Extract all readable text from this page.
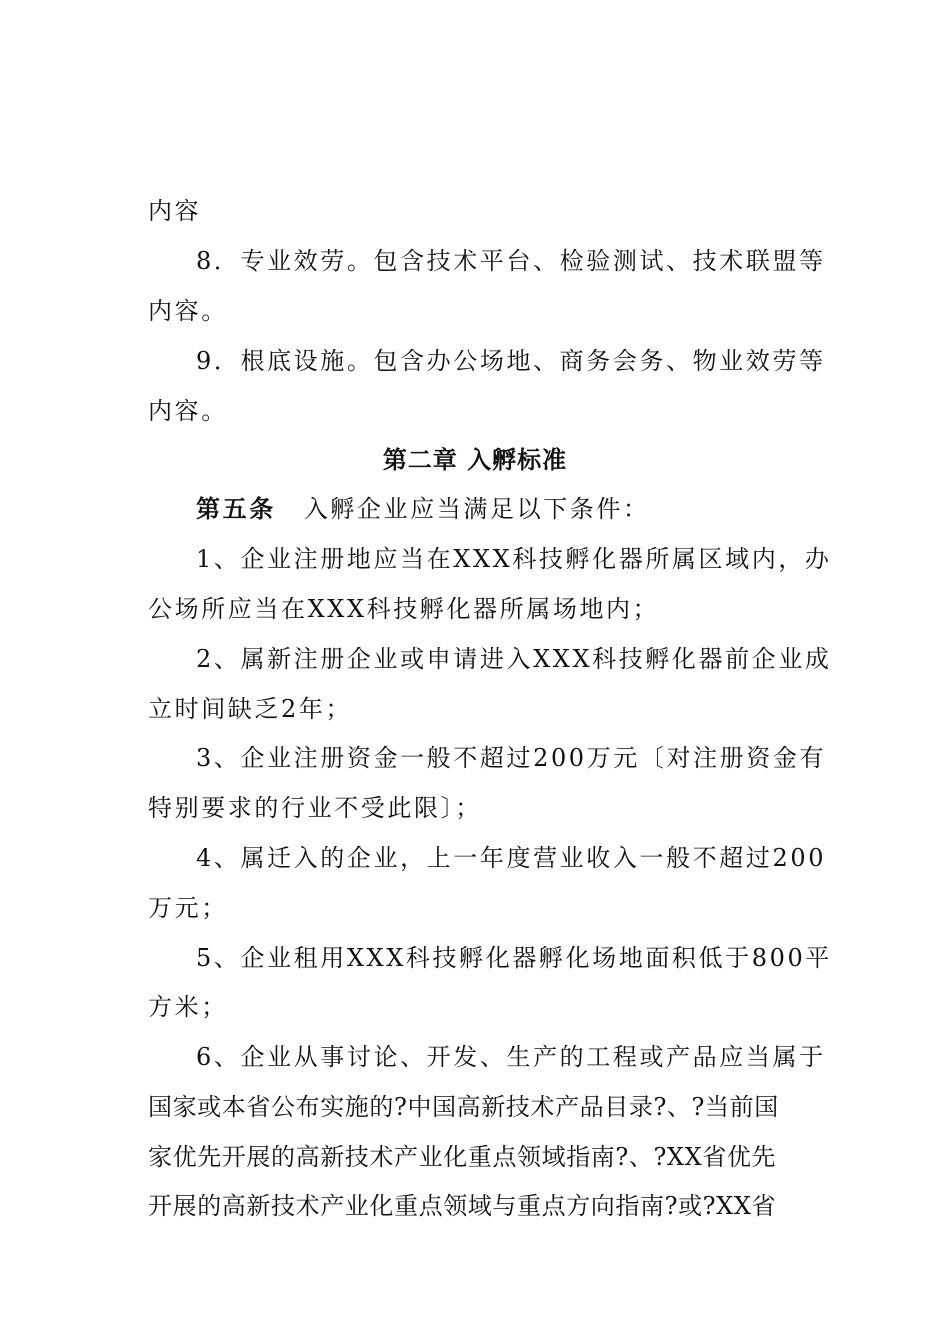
内容
8．专业效劳。包含技术平台、检验测试、技术联盟等
内容。
9．根底设施。包含办公场地、商务会务、物业效劳等
内容。
第二章 入孵标准
第五条 入孵企业应当满足以下条件：
1、企业注册地应当在XXX科技孵化器所属区域内，办
公场所应当在XXX科技孵化器所属场地内；
2、属新注册企业或申请进入XXX科技孵化器前企业成
立时间缺乏2年；
3、企业注册资金一般不超过200万元〔对注册资金有
特别要求的行业不受此限〕；
4、属迁入的企业，上一年度营业收入一般不超过200
万元；
5、企业租用XXX科技孵化器孵化场地面积低于800平
方米；
6、企业从事讨论、开发、生产的工程或产品应当属于
国家或本省公布实施的?中国高新技术产品目录?、?当前国
家优先开展的高新技术产业化重点领域指南?、?XX省优先
开展的高新技术产业化重点领域与重点方向指南?或?XX省
